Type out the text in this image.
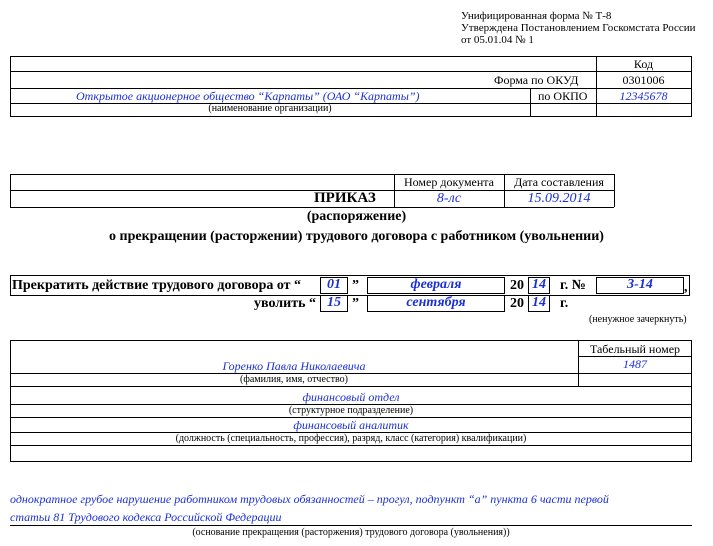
Унифицированная форма № Т-8
Утверждена Постановлением Госкомстата России
от 05.01.04 № 1
Код
Форма по ОКУД	0301006
Открытое акционерное общество “Карпаты” (ОАО “Карпаты”)	по ОКПО	12345678
(наименование организации)
Номер документа	Дата составления
ПРИКАЗ	8-лс	15.09.2014
(распоряжение)
о прекращении (расторжении) трудового договора с работником (увольнении)
Прекратить действие трудового договора от “	01 ”	февраля	20 14 г. №	3-14	,
уволить “ 15 ”	сентября	20 14 г.
(ненужное зачеркнуть)
Табельный номер
Горенко Павла Николаевича	1487
(фамилия, имя, отчество)
финансовый отдел
(структурное подразделение)
финансовый аналитик
(должность (специальность, профессия), разряд, класс (категория) квалификации)
однократное грубое нарушение работником трудовых обязанностей – прогул, подпункт “а” пункта 6 части первой
статьи 81 Трудового кодекса Российской Федерации
(основание прекращения (расторжения) трудового договора (увольнения))
